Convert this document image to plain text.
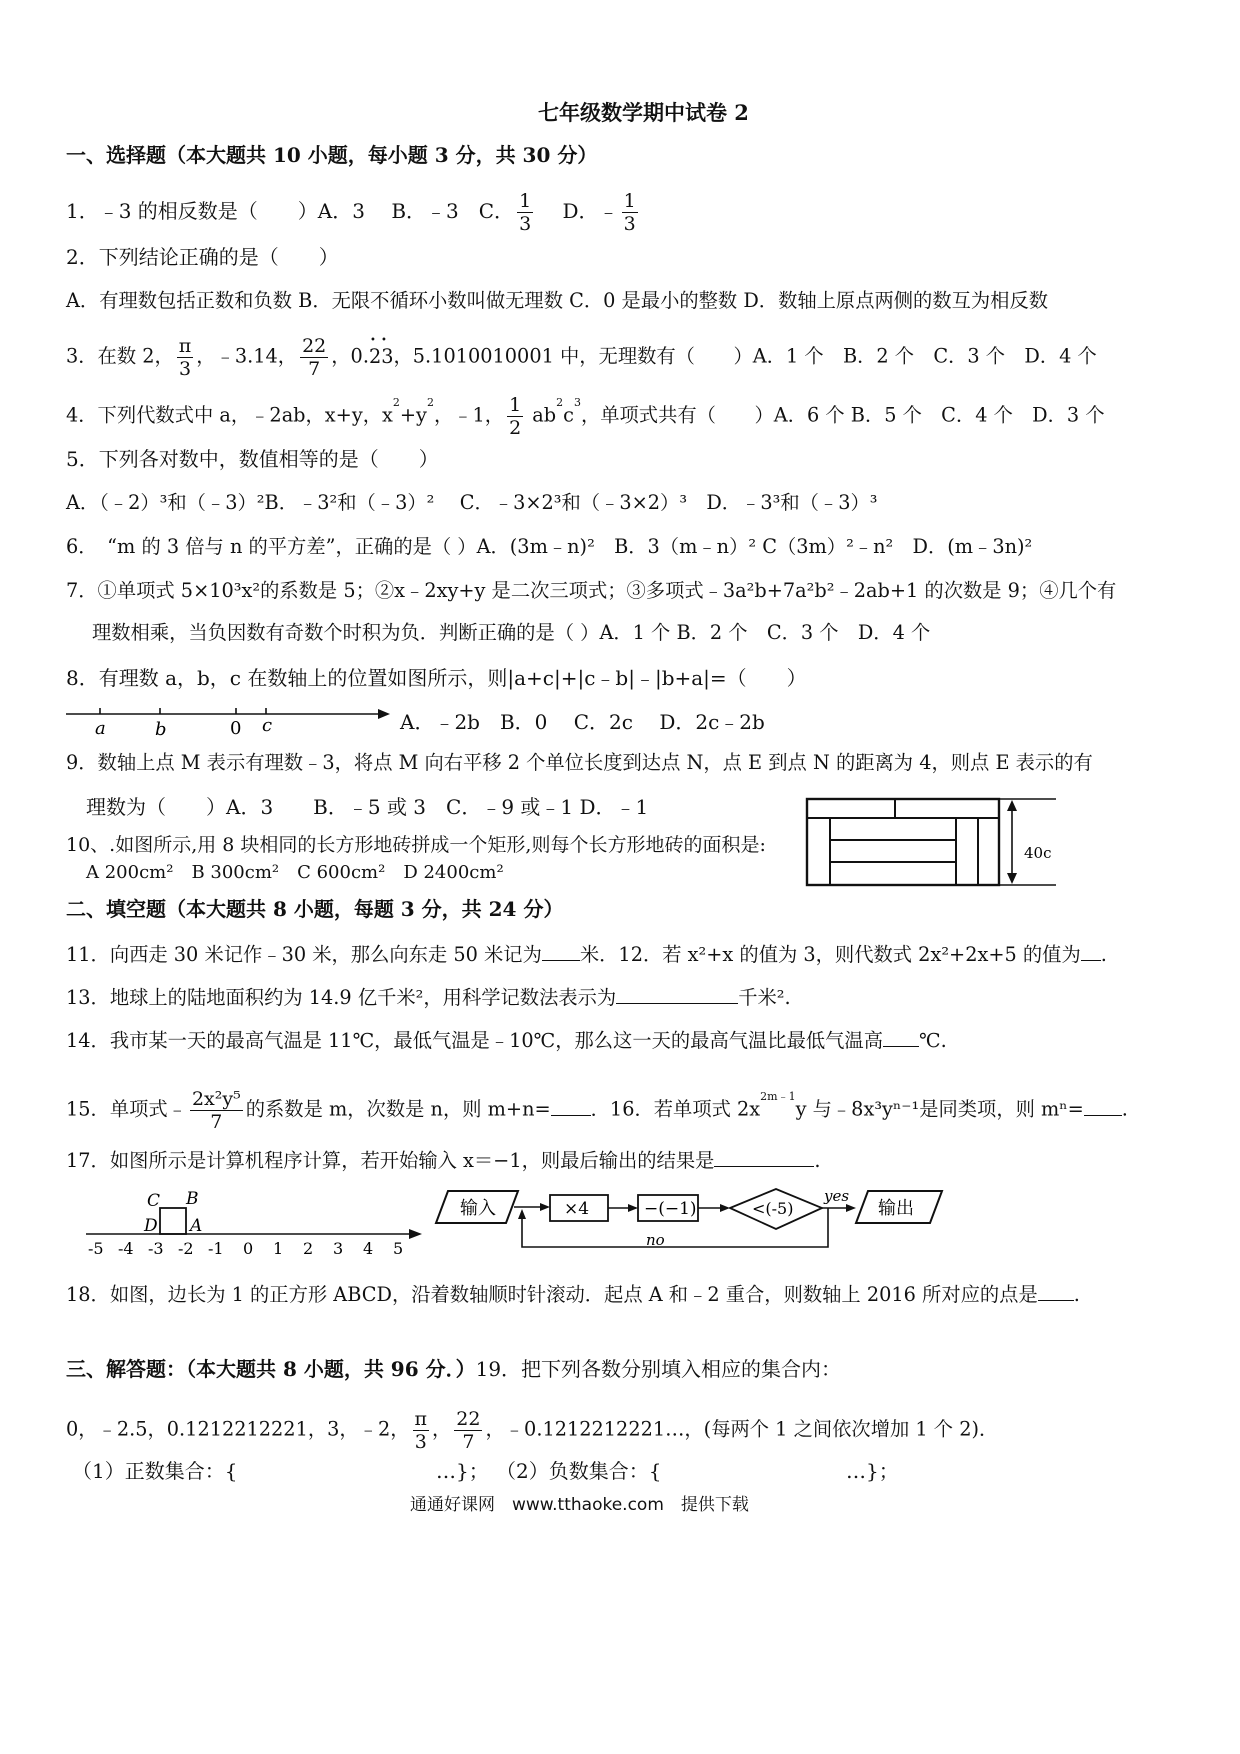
七年级数学期中试卷 2
一、选择题（本大题共 10 小题，每小题 3 分，共 30 分）
1．﹣3 的相反数是（　　）A．3　 B．﹣3　C． $\frac{1}{3}$ 　 D．﹣ $\frac{1}{3}$
2．下列结论正确的是（　　）
A．有理数包括正数和负数 B．无限不循环小数叫做无理数 C．0 是最小的整数 D．数轴上原点两侧的数互为相反数
3．在数 2， $\frac{\pi}{3}$ ，﹣3.14， $\frac{22}{7}$ ，0.• • 23，5.1010010001 中，无理数有（　　）A．1 个　B．2 个　C．3 个　D．4 个
4．下列代数式中 a，﹣2ab，x+y，$x^2+y^2$，﹣1， $\frac{1}{2} ab^2c^3$，单项式共有（　　）A．6 个 B．5 个　C．4 个　D．3 个
5．下列各对数中，数值相等的是（　　）
A．（﹣2）³和（﹣3）²B．﹣3²和（﹣3）²　 C．﹣3×2³和（﹣3×2）³　D．﹣3³和（﹣3）³
6．　“m 的 3 倍与 n 的平方差”，正确的是（ ）A．(3m﹣n)²　B．3（m﹣n）² C（3m）²﹣n²　D．(m﹣3n)²
7．①单项式 5×10³x²的系数是 5；②x﹣2xy+y 是二次三项式；③多项式﹣3a²b+7a²b²﹣2ab+1 的次数是 9；④几个有
理数相乘，当负因数有奇数个时积为负．判断正确的是（ ）A．1 个 B．2 个　C．3 个　D．4 个
8．有理数 a，b，c 在数轴上的位置如图所示，则|a+c|+|c﹣b|﹣|b+a|=（　　）
a	b	0 c	A．﹣2b　B．0　 C．2c　 D．2c﹣2b
9．数轴上点 M 表示有理数﹣3，将点 M 向右平移 2 个单位长度到达点 N，点 E 到点 N 的距离为 4，则点 E 表示的有
理数为（　　）A．3　　B．﹣5 或 3　C．﹣9 或﹣1 D．﹣1
10、.如图所示,用 8 块相同的长方形地砖拼成一个矩形,则每个长方形地砖的面积是:
A 200cm²　B 300cm²　C 600cm²　D 2400cm²
40c
二、填空题（本大题共 8 小题，每题 3 分，共 24 分）
11．向西走 30 米记作﹣30 米，那么向东走 50 米记为 米．12．若 x²+x 的值为 3，则代数式 2x²+2x+5 的值为 .
13．地球上的陆地面积约为 14.9 亿千米²，用科学记数法表示为	千米².
14．我市某一天的最高气温是 11℃，最低气温是﹣10℃，那么这一天的最高气温比最低气温高 ℃.
15．单项式﹣ $\frac{\text{2x²y⁵}}{7}$ 的系数是 m，次数是 n，则 m+n= ．16．若单项式 $2x^{2m﹣1}y$ 与﹣8x³yⁿ⁻¹是同类项，则 mⁿ= .
17．如图所示是计算机程序计算，若开始输入 x＝−1，则最后输出的结果是	.
C B
D A
-5 -4 -3 -2 -1 0 1 2 3 4 5
输入	×4	−(−1)	<(-5)
yes
输出
no
18．如图，边长为 1 的正方形 ABCD，沿着数轴顺时针滚动．起点 A 和﹣2 重合，则数轴上 2016 所对应的点是 .
三、解答题：（本大题共 8 小题，共 96 分．）19．把下列各数分别填入相应的集合内：
0，﹣2.5，0.1212212221，3，﹣2， $\frac{\pi}{3}$ ， $\frac{22}{7}$ ，﹣0.1212212221…，(每两个 1 之间依次增加 1 个 2)．
（1）正数集合：{	…}； （2）负数集合：{	…}；
通通好课网　www.tthaoke.com　提供下载
